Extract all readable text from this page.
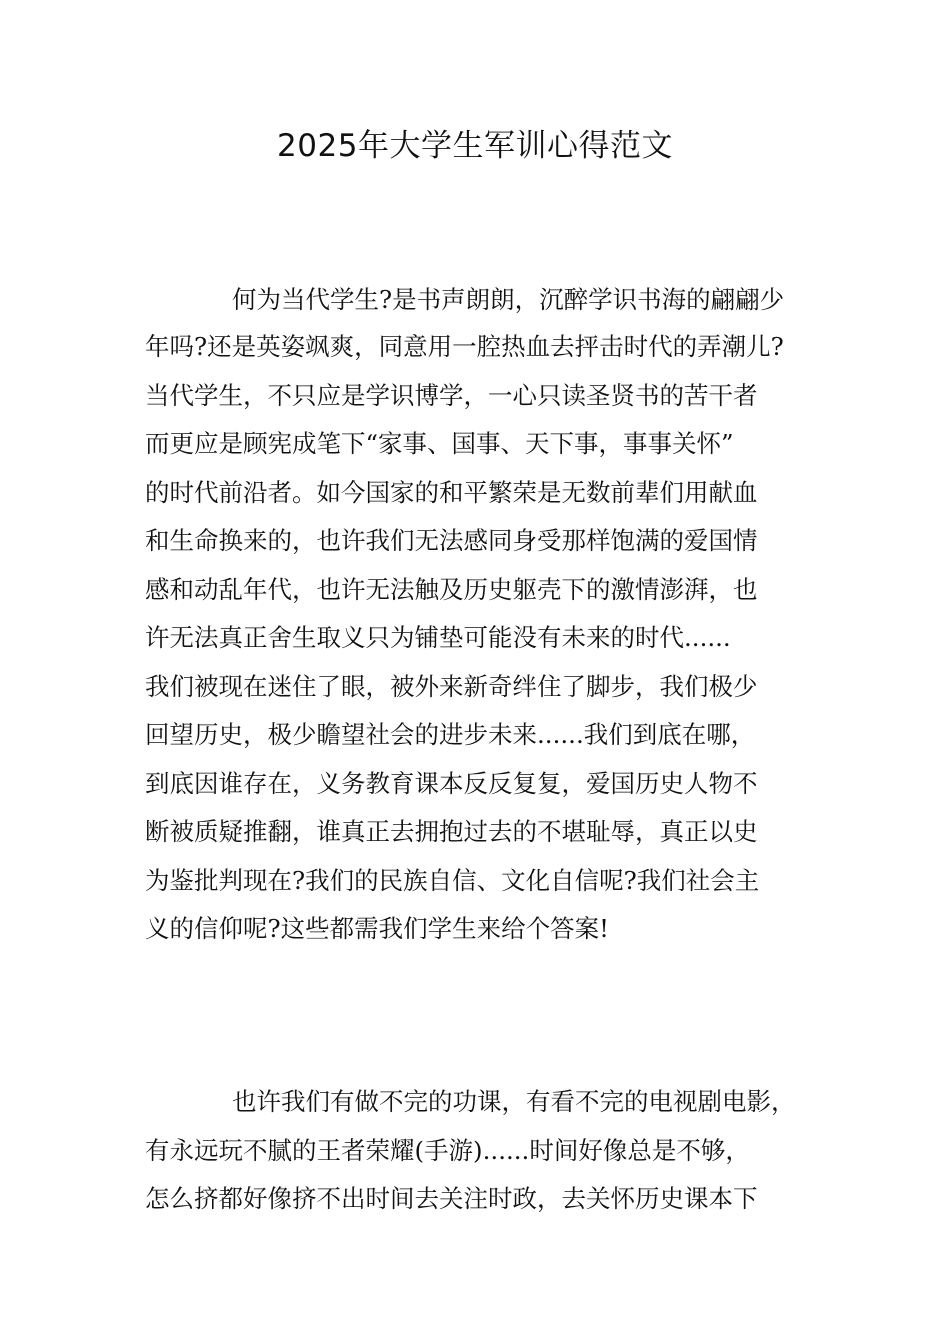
2025年大学生军训心得范文
何为当代学生?是书声朗朗，沉醉学识书海的翩翩少
年吗?还是英姿飒爽，同意用一腔热血去抨击时代的弄潮儿?
当代学生，不只应是学识博学，一心只读圣贤书的苦干者
而更应是顾宪成笔下“家事、国事、天下事，事事关怀”
的时代前沿者。如今国家的和平繁荣是无数前辈们用献血
和生命换来的，也许我们无法感同身受那样饱满的爱国情
感和动乱年代，也许无法触及历史躯壳下的激情澎湃，也
许无法真正舍生取义只为铺垫可能没有未来的时代......
我们被现在迷住了眼，被外来新奇绊住了脚步，我们极少
回望历史，极少瞻望社会的进步未来......我们到底在哪，
到底因谁存在，义务教育课本反反复复，爱国历史人物不
断被质疑推翻，谁真正去拥抱过去的不堪耻辱，真正以史
为鉴批判现在?我们的民族自信、文化自信呢?我们社会主
义的信仰呢?这些都需我们学生来给个答案!
也许我们有做不完的功课，有看不完的电视剧电影，
有永远玩不腻的王者荣耀(手游)......时间好像总是不够，
怎么挤都好像挤不出时间去关注时政，去关怀历史课本下
